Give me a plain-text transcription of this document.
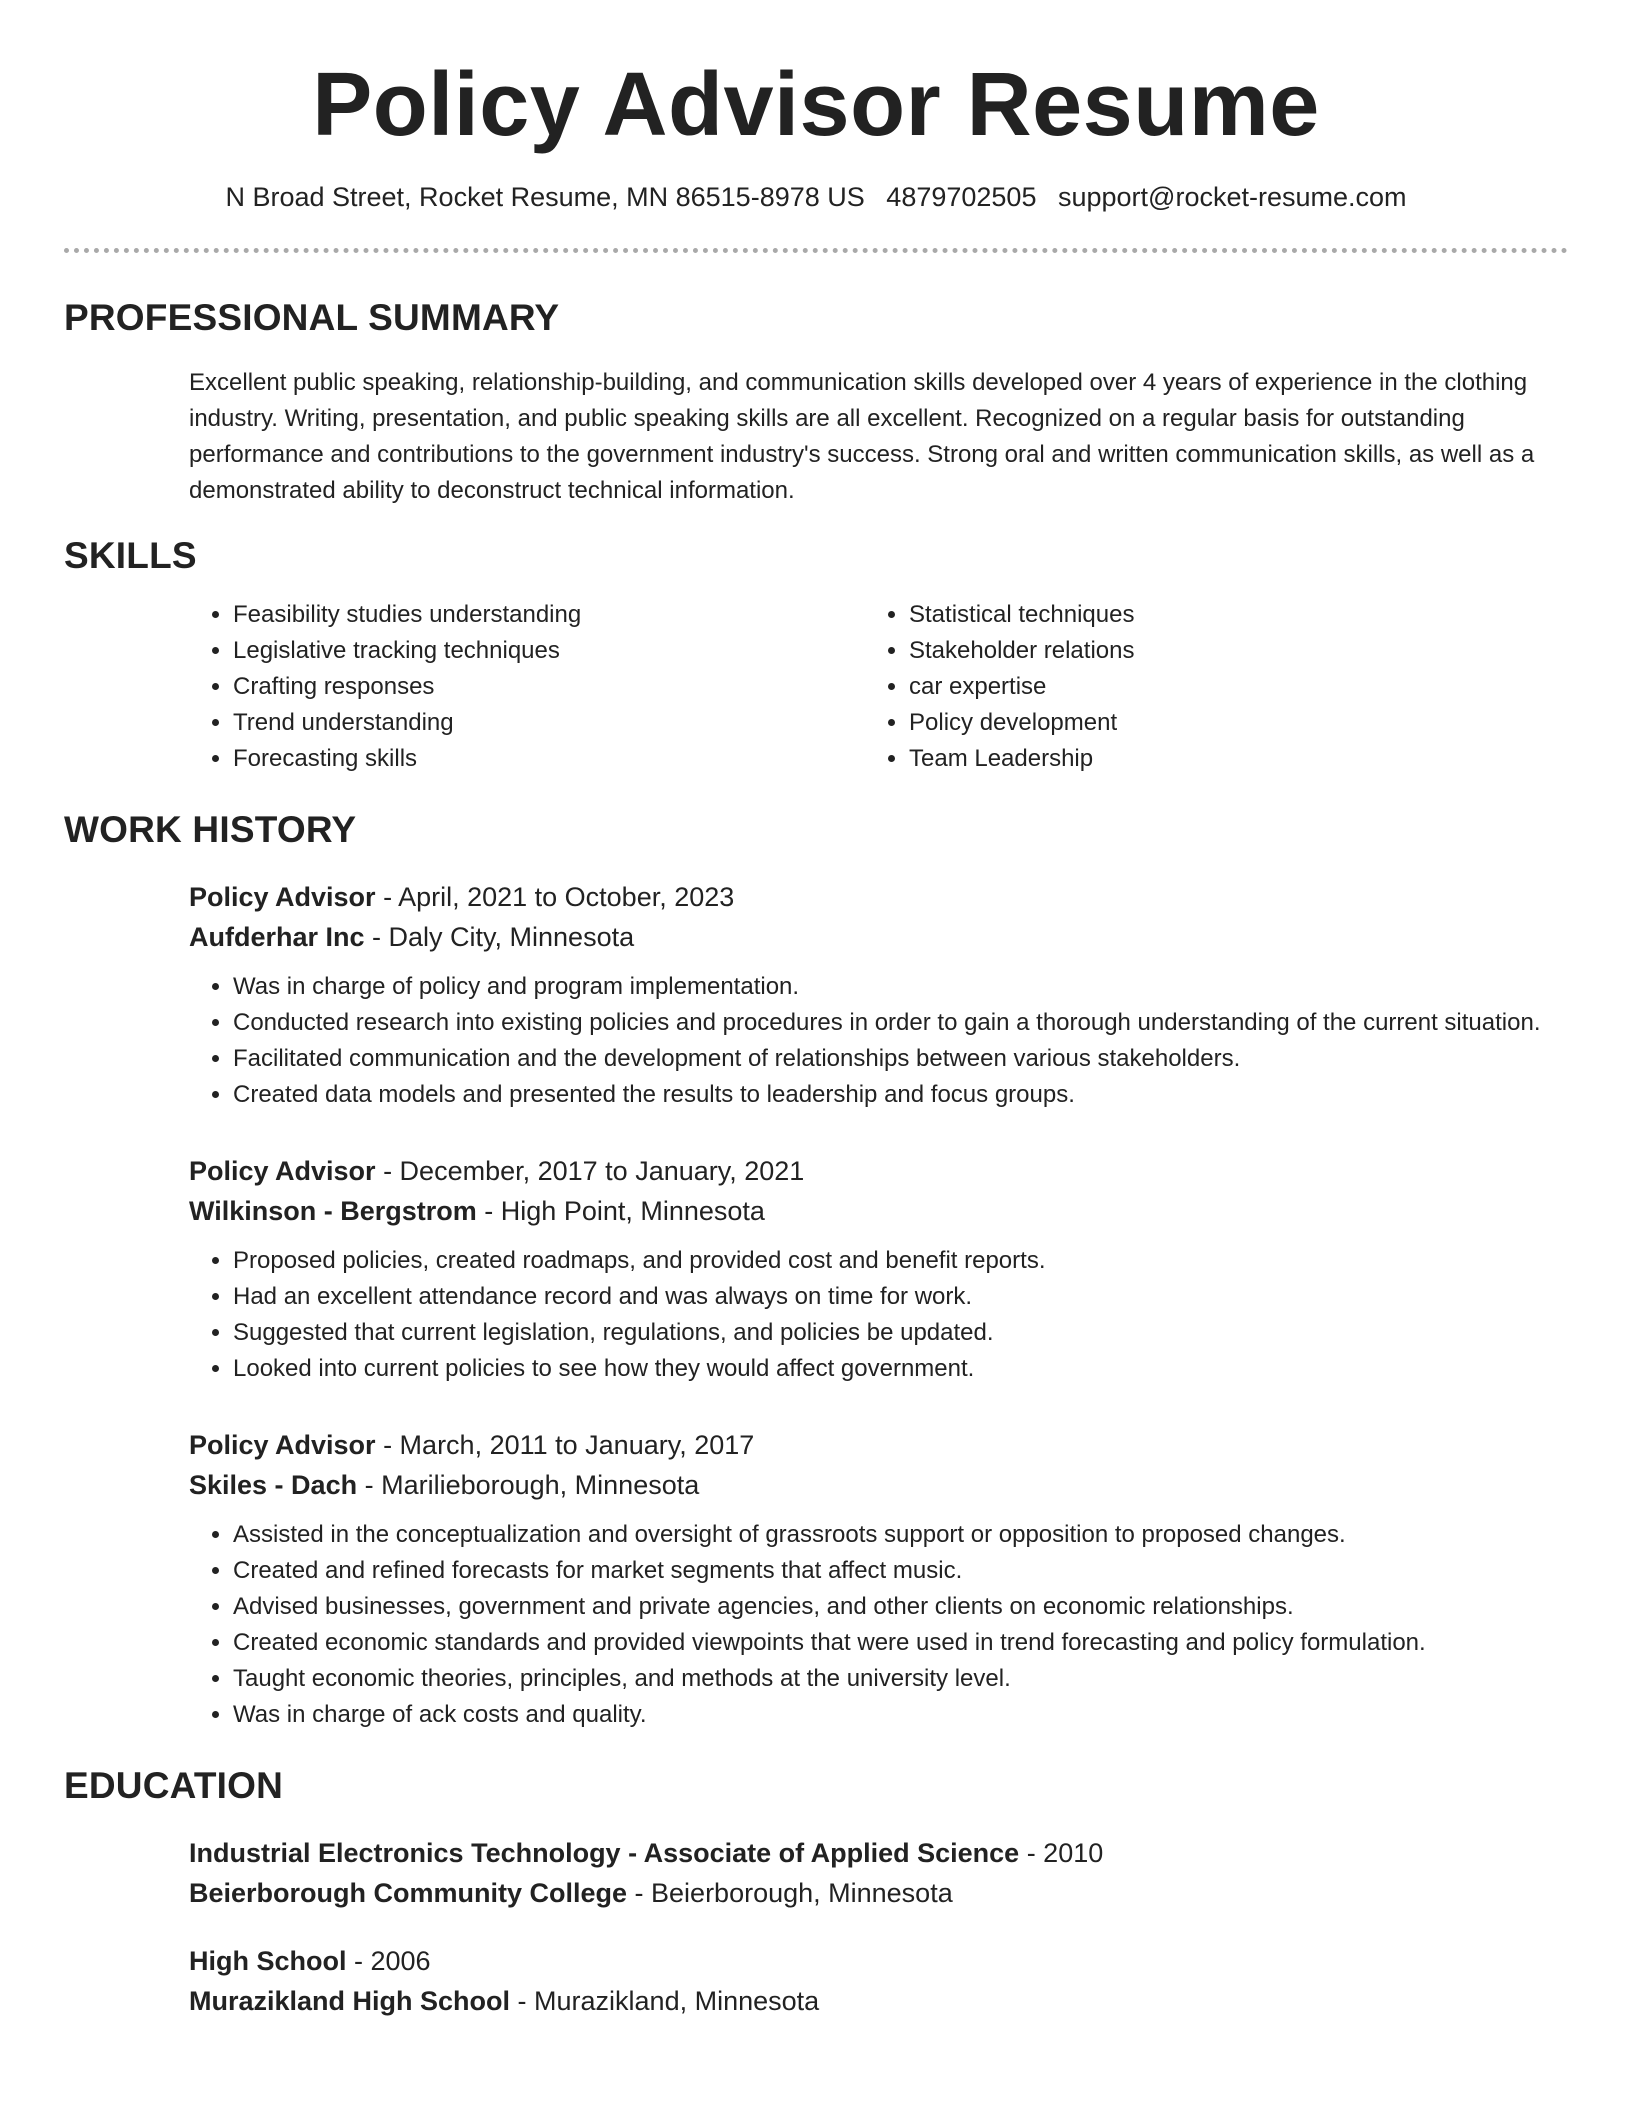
Policy Advisor Resume
N Broad Street, Rocket Resume, MN 86515-8978 US 4879702505 support@rocket-resume.com
PROFESSIONAL SUMMARY

Excellent public speaking, relationship-building, and communication skills developed over 4 years of experience in the clothing industry. Writing, presentation, and public speaking skills are all excellent. Recognized on a regular basis for outstanding performance and contributions to the government industry's success. Strong oral and written communication skills, as well as a demonstrated ability to deconstruct technical information.

SKILLS
• Feasibility studies understanding
• Legislative tracking techniques
• Crafting responses
• Trend understanding
• Forecasting skills
• Statistical techniques
• Stakeholder relations
• car expertise
• Policy development
• Team Leadership
WORK HISTORY
Policy Advisor - April, 2021 to October, 2023
Aufderhar Inc - Daly City, Minnesota
• Was in charge of policy and program implementation.
• Conducted research into existing policies and procedures in order to gain a thorough understanding of the current situation.
• Facilitated communication and the development of relationships between various stakeholders.
• Created data models and presented the results to leadership and focus groups.
Policy Advisor - December, 2017 to January, 2021
Wilkinson - Bergstrom - High Point, Minnesota
• Proposed policies, created roadmaps, and provided cost and benefit reports.
• Had an excellent attendance record and was always on time for work.
• Suggested that current legislation, regulations, and policies be updated.
• Looked into current policies to see how they would affect government.
Policy Advisor - March, 2011 to January, 2017
Skiles - Dach - Marilieborough, Minnesota
• Assisted in the conceptualization and oversight of grassroots support or opposition to proposed changes.
• Created and refined forecasts for market segments that affect music.
• Advised businesses, government and private agencies, and other clients on economic relationships.
• Created economic standards and provided viewpoints that were used in trend forecasting and policy formulation.
• Taught economic theories, principles, and methods at the university level.
• Was in charge of ack costs and quality.
EDUCATION
Industrial Electronics Technology - Associate of Applied Science - 2010
Beierborough Community College - Beierborough, Minnesota
High School - 2006
Murazikland High School - Murazikland, Minnesota
